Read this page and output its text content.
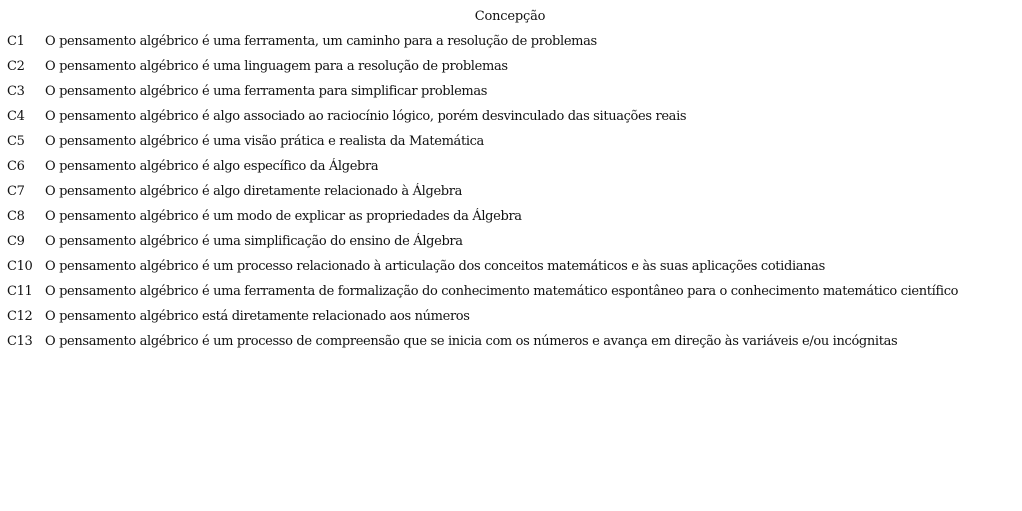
Concepção
C1	O pensamento algébrico é uma ferramenta, um caminho para a resolução de problemas
C2	O pensamento algébrico é uma linguagem para a resolução de problemas
C3	O pensamento algébrico é uma ferramenta para simplificar problemas
C4	O pensamento algébrico é algo associado ao raciocínio lógico, porém desvinculado das situações reais
C5	O pensamento algébrico é uma visão prática e realista da Matemática
C6	O pensamento algébrico é algo específico da Álgebra
C7	O pensamento algébrico é algo diretamente relacionado à Álgebra
C8	O pensamento algébrico é um modo de explicar as propriedades da Álgebra
C9	O pensamento algébrico é uma simplificação do ensino de Álgebra
C10 O pensamento algébrico é um processo relacionado à articulação dos conceitos matemáticos e às suas aplicações cotidianas
C11 O pensamento algébrico é uma ferramenta de formalização do conhecimento matemático espontâneo para o conhecimento matemático científico
C12 O pensamento algébrico está diretamente relacionado aos números
C13 O pensamento algébrico é um processo de compreensão que se inicia com os números e avança em direção às variáveis e/ou incógnitas
